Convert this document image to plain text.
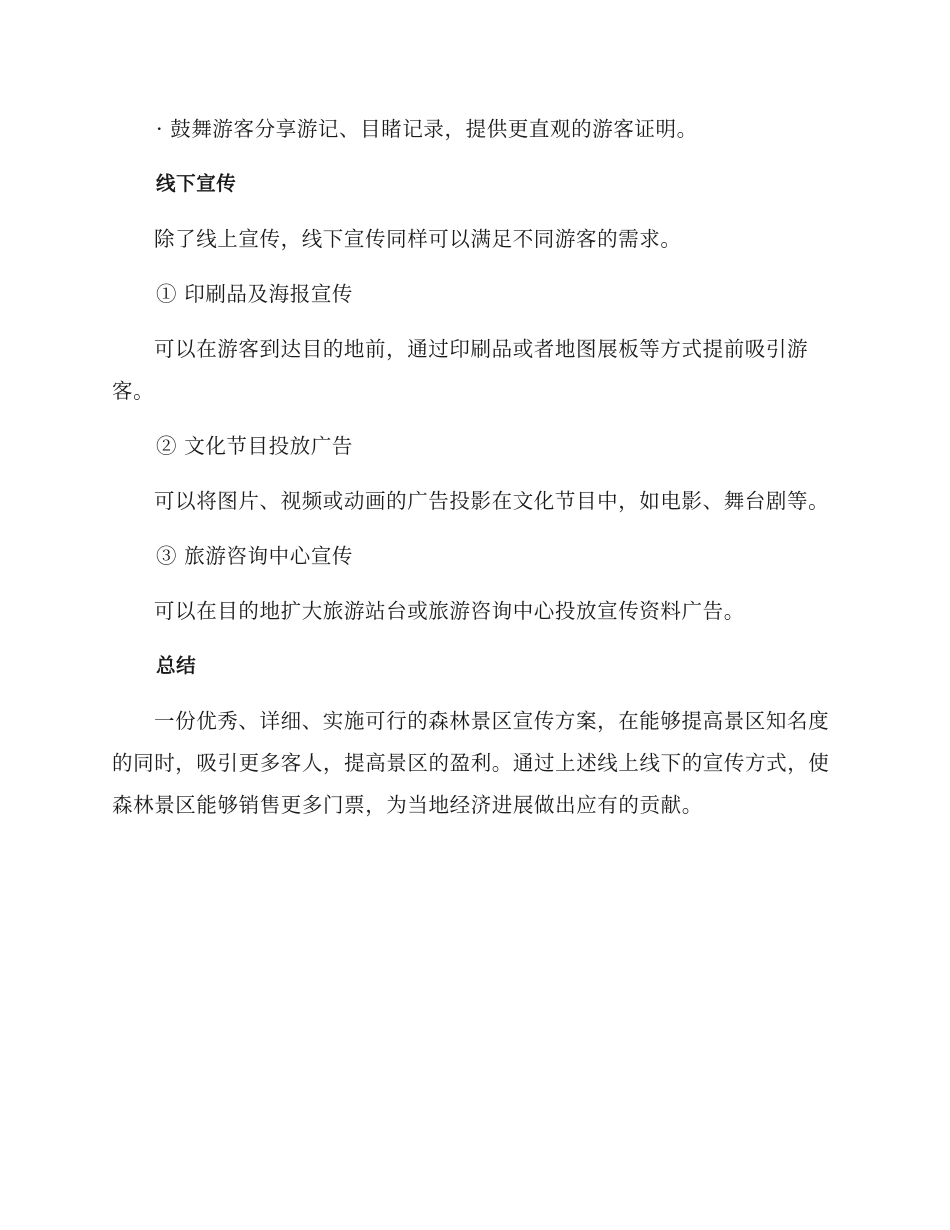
· 鼓舞游客分享游记、目睹记录，提供更直观的游客证明。

线下宣传

除了线上宣传，线下宣传同样可以满足不同游客的需求。

① 印刷品及海报宣传

可以在游客到达目的地前，通过印刷品或者地图展板等方式提前吸引游客。

② 文化节目投放广告

可以将图片、视频或动画的广告投影在文化节目中，如电影、舞台剧等。

③ 旅游咨询中心宣传

可以在目的地扩大旅游站台或旅游咨询中心投放宣传资料广告。

总结

一份优秀、详细、实施可行的森林景区宣传方案，在能够提高景区知名度的同时，吸引更多客人，提高景区的盈利。通过上述线上线下的宣传方式，使森林景区能够销售更多门票，为当地经济进展做出应有的贡献。
